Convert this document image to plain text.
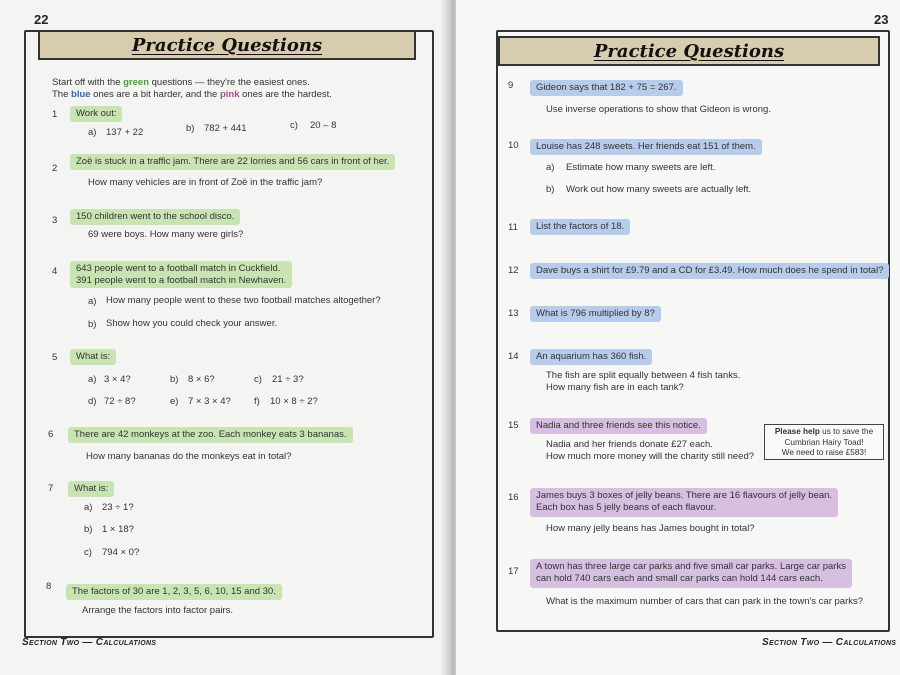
22
Practice Questions
Start off with the green questions — they're the easiest ones.
The blue ones are a bit harder, and the pink ones are the hardest.
1	Work out:
a) 137 + 22	b) 782 + 441	c) 20 – 8
2
Zoë is stuck in a traffic jam. There are 22 lorries and 56 cars in front of her.
How many vehicles are in front of Zoë in the traffic jam?
3	150 children went to the school disco.
69 were boys. How many were girls?
4 643 people went to a football match in Cuckfield.
391 people went to a football match in Newhaven.
a) How many people went to these two football matches altogether?
b) Show how you could check your answer.
5	What is:
a) 3 × 4?	b) 8 × 6?	c) 21 ÷ 3?
d) 72 ÷ 8?	e) 7 × 3 × 4? f) 10 × 8 ÷ 2?
6	There are 42 monkeys at the zoo. Each monkey eats 3 bananas.
How many bananas do the monkeys eat in total?
7	What is:
a) 23 ÷ 1?
b) 1 × 18?
c) 794 × 0?
8	The factors of 30 are 1, 2, 3, 5, 6, 10, 15 and 30.
Arrange the factors into factor pairs.
Section Two — Calculations
23
Practice Questions
9	Gideon says that 182 + 75 = 267.
Use inverse operations to show that Gideon is wrong.
10	Louise has 248 sweets. Her friends eat 151 of them.
a) Estimate how many sweets are left.
b) Work out how many sweets are actually left.
11	List the factors of 18.
12	Dave buys a shirt for £9.79 and a CD for £3.49. How much does he spend in total?
13	What is 796 multiplied by 8?
14	An aquarium has 360 fish.
The fish are split equally between 4 fish tanks.
How many fish are in each tank?
15	Nadia and three friends see this notice.
Nadia and her friends donate £27 each.
How much more money will the charity still need?
16 James buys 3 boxes of jelly beans. There are 16 flavours of jelly bean.
Each box has 5 jelly beans of each flavour.
How many jelly beans has James bought in total?
17 A town has three large car parks and five small car parks. Large car parks
can hold 740 cars each and small car parks can hold 144 cars each.
What is the maximum number of cars that can park in the town's car parks?
Section Two — Calculations
Please help us to save the
Cumbrian Hairy Toad!
We need to raise £583!
